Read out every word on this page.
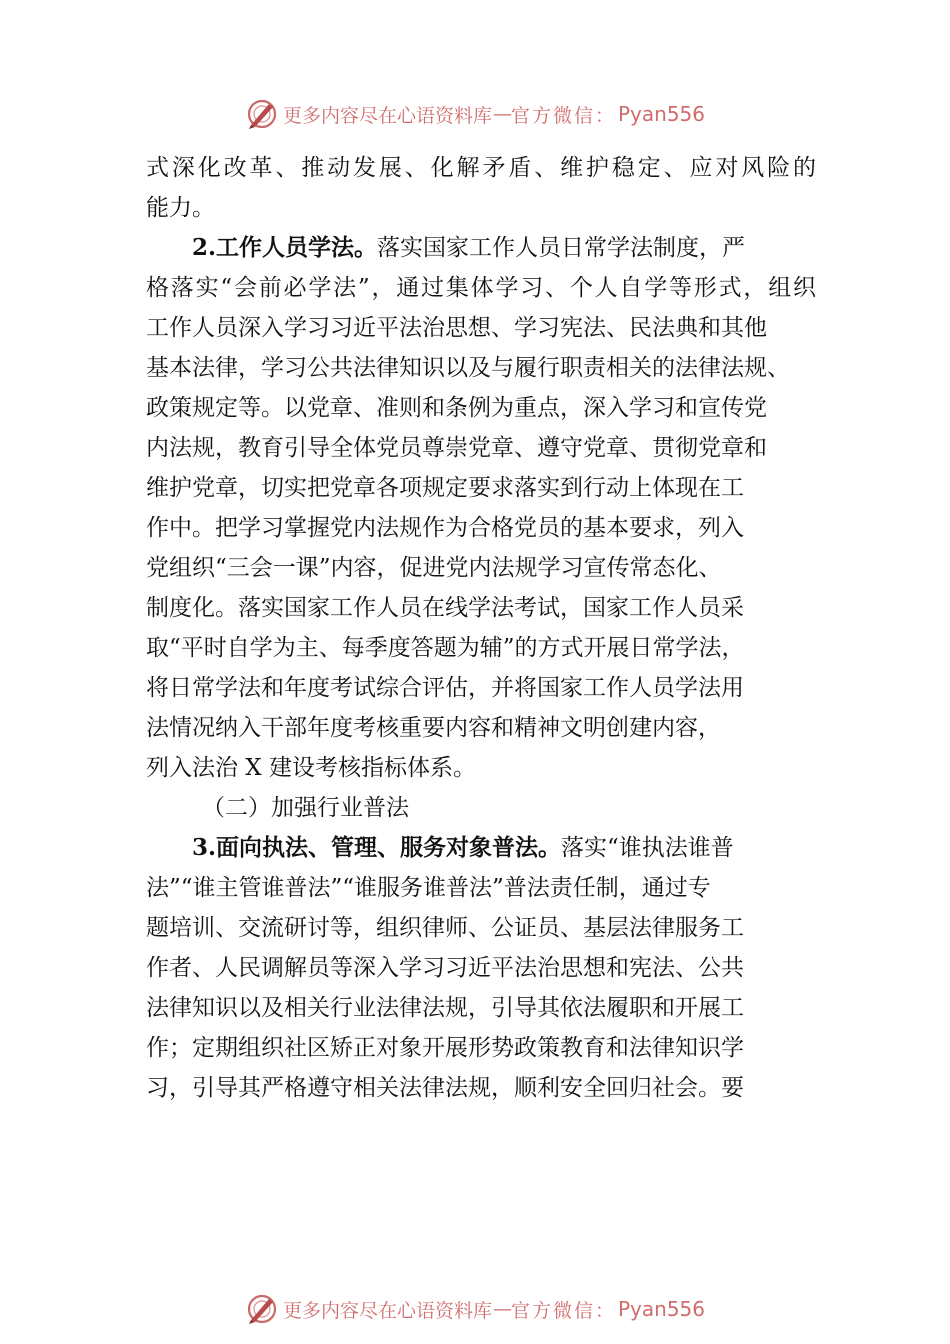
更多内容尽在心语资料库 — 官方微信： Pyan556
式深化改革、推动发展、化解矛盾、维护稳定、应对风险的
能力。
2.工作人员学法。落实国家工作人员日常学法制度，严
格落实“会前必学法”，通过集体学习、个人自学等形式，组织
工作人员深入学习习近平法治思想、学习宪法、民法典和其他
基本法律，学习公共法律知识以及与履行职责相关的法律法规、
政策规定等。以党章、准则和条例为重点，深入学习和宣传党
内法规，教育引导全体党员尊崇党章、遵守党章、贯彻党章和
维护党章，切实把党章各项规定要求落实到行动上体现在工
作中。把学习掌握党内法规作为合格党员的基本要求，列入
党组织“三会一课”内容，促进党内法规学习宣传常态化、
制度化。落实国家工作人员在线学法考试，国家工作人员采
取“平时自学为主、每季度答题为辅”的方式开展日常学法，
将日常学法和年度考试综合评估，并将国家工作人员学法用
法情况纳入干部年度考核重要内容和精神文明创建内容，
列入法治 X 建设考核指标体系。
（二）加强行业普法
3.面向执法、管理、服务对象普法。落实“谁执法谁普
法”“谁主管谁普法”“谁服务谁普法”普法责任制，通过专
题培训、交流研讨等，组织律师、公证员、基层法律服务工
作者、人民调解员等深入学习习近平法治思想和宪法、公共
法律知识以及相关行业法律法规，引导其依法履职和开展工
作；定期组织社区矫正对象开展形势政策教育和法律知识学
习，引导其严格遵守相关法律法规，顺利安全回归社会。要
更多内容尽在心语资料库 — 官方微信： Pyan556
